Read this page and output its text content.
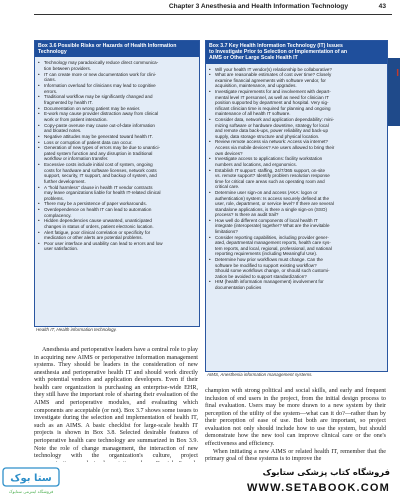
Chapter 3 Anesthesia and Health Information Technology	43
I
Box 3.6 Possible Risks or Hazards of Health Information
Technology
• Technology may paradoxically reduce direct communica-
tion between providers.
• IT can create more or new documentation work for clini-
cians.
• Information overload for clinicians may lead to cognitive
errors.
• Traditional workflow may be significantly changed and
fragmented by health IT.
• Documentation on wrong patient may be easier.
• E-work may cause provider distraction away from clinical
work or from patient interaction.
• Copy-paste overuse may cause out-of-date information
and bloated notes.
• Negative attitudes may be generated toward health IT.
• Loss or corruption of patient data can occur.
• Generation of new types of errors may be due to unantici-
pated system function and any disruption in traditional
workflow or information transfer.
• Excessive costs include initial cost of system, ongoing
costs for hardware and software licenses, network costs
support, security, IT support, and backup of system, and
further development.
• A "hold harmless" clause in health IT vendor contracts
may leave organizations liable for health IT-related clinical
problems.
• There may be a persistence of paper workarounds.
• Overdependence on health IT can lead to automation
complacency.
• Hidden dependencies cause unwanted, unanticipated
changes in status of orders, patient electronic location.
• Alert fatigue, poor clinical correlation or specificity for
medication or other alerts are potential problems.
• Poor user interface and usability can lead to errors and low
user satisfaction.
Health IT, Health information technology.
Box 3.7 Key Health Information Technology (IT) Issues
to Investigate Prior to Selection or Implementation of an
AIMS or Other Large Scale Health IT
• Will your health IT vendor(s) relationship be collaborative?
• What are reasonable estimates of cost over time? Closely
examine financial agreements with software vendor, for
acquisition, maintenance, and upgrades.
• Investigate requirements for and involvement with depart-
mental level IT personnel, as well as need for clinician IT
position supported by department and hospital. Very sig-
nificant clinician time is required for planning and ongoing
maintenance of all health IT software.
• Consider data, network and application dependability: mini-
mizing software or hardware downtime, strategy for local
and remote data back-ups, power reliability and back-up
supply, data storage structure and physical location.
• Review remote access via network: Access via internet?
Access via mobile devices? Are users allowed to bring their
own devices?
• Investigate access to applications: facility workstation
numbers and locations, and ergonomics.
• Establish IT support: staffing, 24/7/365 support, on-site
vs. remote support? Identify problem resolution response
time for critical care areas such as operating room and
critical care.
• Determine user sign-on and access (AKA: logon or
authentication) system: Is access securely defined at the
user, role, department, or service level? If there are several
standalone applications, is there a single sign-on (SSO)
process? Is there an audit trail?
• How well do different components of local health IT
integrate (interoperate) together? What are the inevitable
limitations?
• Consider reporting capabilities, including provider gener-
ated, departmental management reports, health care sys-
tem reports, and local, regional, professional, and national
reporting requirements (including Meaningful Use).
• Determine how prior workflows must change. Can the
software be modified to support existing workflow?
Should some workflows change, or should such customi-
zation be avoided to support standardization?
• HIM (health information management) involvement for
documentation policies
AIMS, Anesthesia information management systems.

Anesthesia and perioperative leaders have a central role to play in acquiring new AIMS or perioperative information management systems. They should be leaders in the consideration of new anesthesia and perioperative health IT and should work directly with potential vendors and application developers. Even if their health care organization is purchasing an enterprise-wide EHR, they still have the important role of sharing their evaluation of the AIMS and perioperative modules, and evaluating which components are acceptable (or not). Box 3.7 shows some issues to investigate during the selection and implementation of health IT, such as an AIMS. A basic checklist for large-scale health IT projects is shown in Box 3.8. Selected desirable features of perioperative health care technology are summarized in Box 3.9. Note the role of change management, the interaction of new technology with the organization's culture, project

champion with strong political and social skills, and early and frequent inclusion of end users in the project, from the initial design process to final evaluation. Users may be more drawn to a new system by their perception of the utility of the system—what can it do?—rather than by their perception of ease of use. But both are important, so project evaluation not only should include how to use the system, but should demonstrate how the new tool can improve clinical care or the one's effectiveness and efficiency.

When initiating a new AIMS or related health IT, remember that the primary goal of these systems is to improve the

ستا بوک
فروشگاه اینترنتی ستابوک
فروشگاه کتاب پزشکی ستابوک
WWW.SETABOOK.COM
